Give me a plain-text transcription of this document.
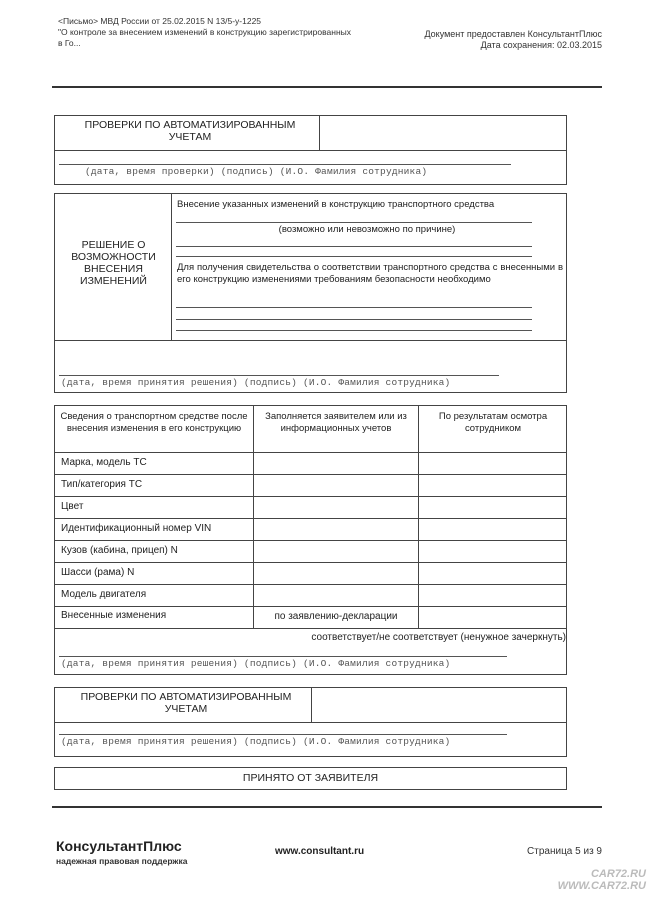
<Письмо> МВД России от 25.02.2015 N 13/5-у-1225
"О контроле за внесением изменений в конструкцию зарегистрированных
в Го...
Документ предоставлен КонсультантПлюс
Дата сохранения: 02.03.2015
ПРОВЕРКИ ПО АВТОМАТИЗИРОВАННЫМ УЧЕТАМ
(дата, время проверки) (подпись) (И.О. Фамилия сотрудника)
РЕШЕНИЕ О ВОЗМОЖНОСТИ ВНЕСЕНИЯ ИЗМЕНЕНИЙ
Внесение указанных изменений в конструкцию транспортного средства
(возможно или невозможно по причине)
Для получения свидетельства о соответствии транспортного средства с внесенными в его конструкцию изменениями требованиям безопасности необходимо
(дата, время принятия решения) (подпись) (И.О. Фамилия сотрудника)
Сведения о транспортном средстве после внесения изменения в его конструкцию
Заполняется заявителем или из информационных учетов
По результатам осмотра сотрудником
Марка, модель ТС
Тип/категория ТС
Цвет
Идентификационный номер VIN
Кузов (кабина, прицеп) N
Шасси (рама) N
Модель двигателя
Внесенные изменения	по заявлению-декларации
соответствует/не соответствует (ненужное зачеркнуть)
(дата, время принятия решения) (подпись) (И.О. Фамилия сотрудника)
ПРОВЕРКИ ПО АВТОМАТИЗИРОВАННЫМ УЧЕТАМ
(дата, время принятия решения) (подпись) (И.О. Фамилия сотрудника)
ПРИНЯТО ОТ ЗАЯВИТЕЛЯ
КонсультантПлюс
надежная правовая поддержка
www.consultant.ru	Страница 5 из 9
CAR72.RU
WWW.CAR72.RU
